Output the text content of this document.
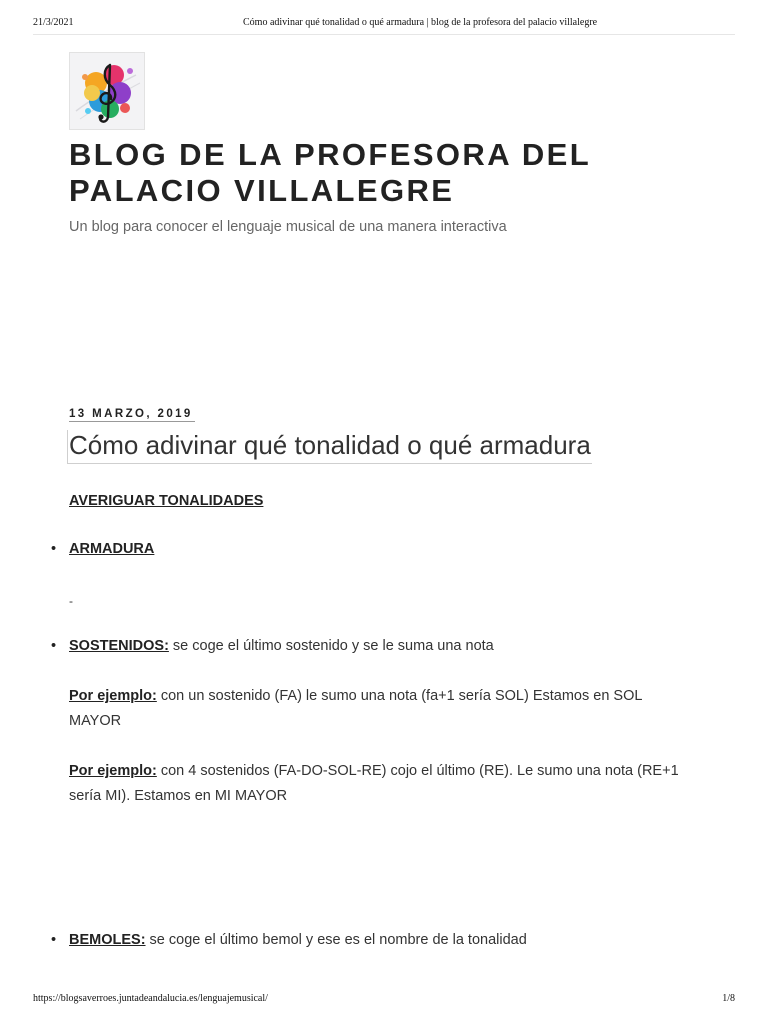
21/3/2021	Cómo adivinar qué tonalidad o qué armadura | blog de la profesora del palacio villalegre
BLOG DE LA PROFESORA DEL PALACIO VILLALEGRE
Un blog para conocer el lenguaje musical de una manera interactiva
13 MARZO, 2019
Cómo adivinar qué tonalidad o qué armadura
AVERIGUAR TONALIDADES
• ARMADURA
-
• SOSTENIDOS: se coge el último sostenido y se le suma una nota
Por ejemplo: con un sostenido (FA) le sumo una nota (fa+1 sería SOL) Estamos en SOL MAYOR
Por ejemplo: con 4 sostenidos (FA-DO-SOL-RE) cojo el último (RE). Le sumo una nota (RE+1 sería MI). Estamos en MI MAYOR
• BEMOLES: se coge el último bemol y ese es el nombre de la tonalidad
https://blogsaverroes.juntadeandalucia.es/lenguajemusical/	1/8
